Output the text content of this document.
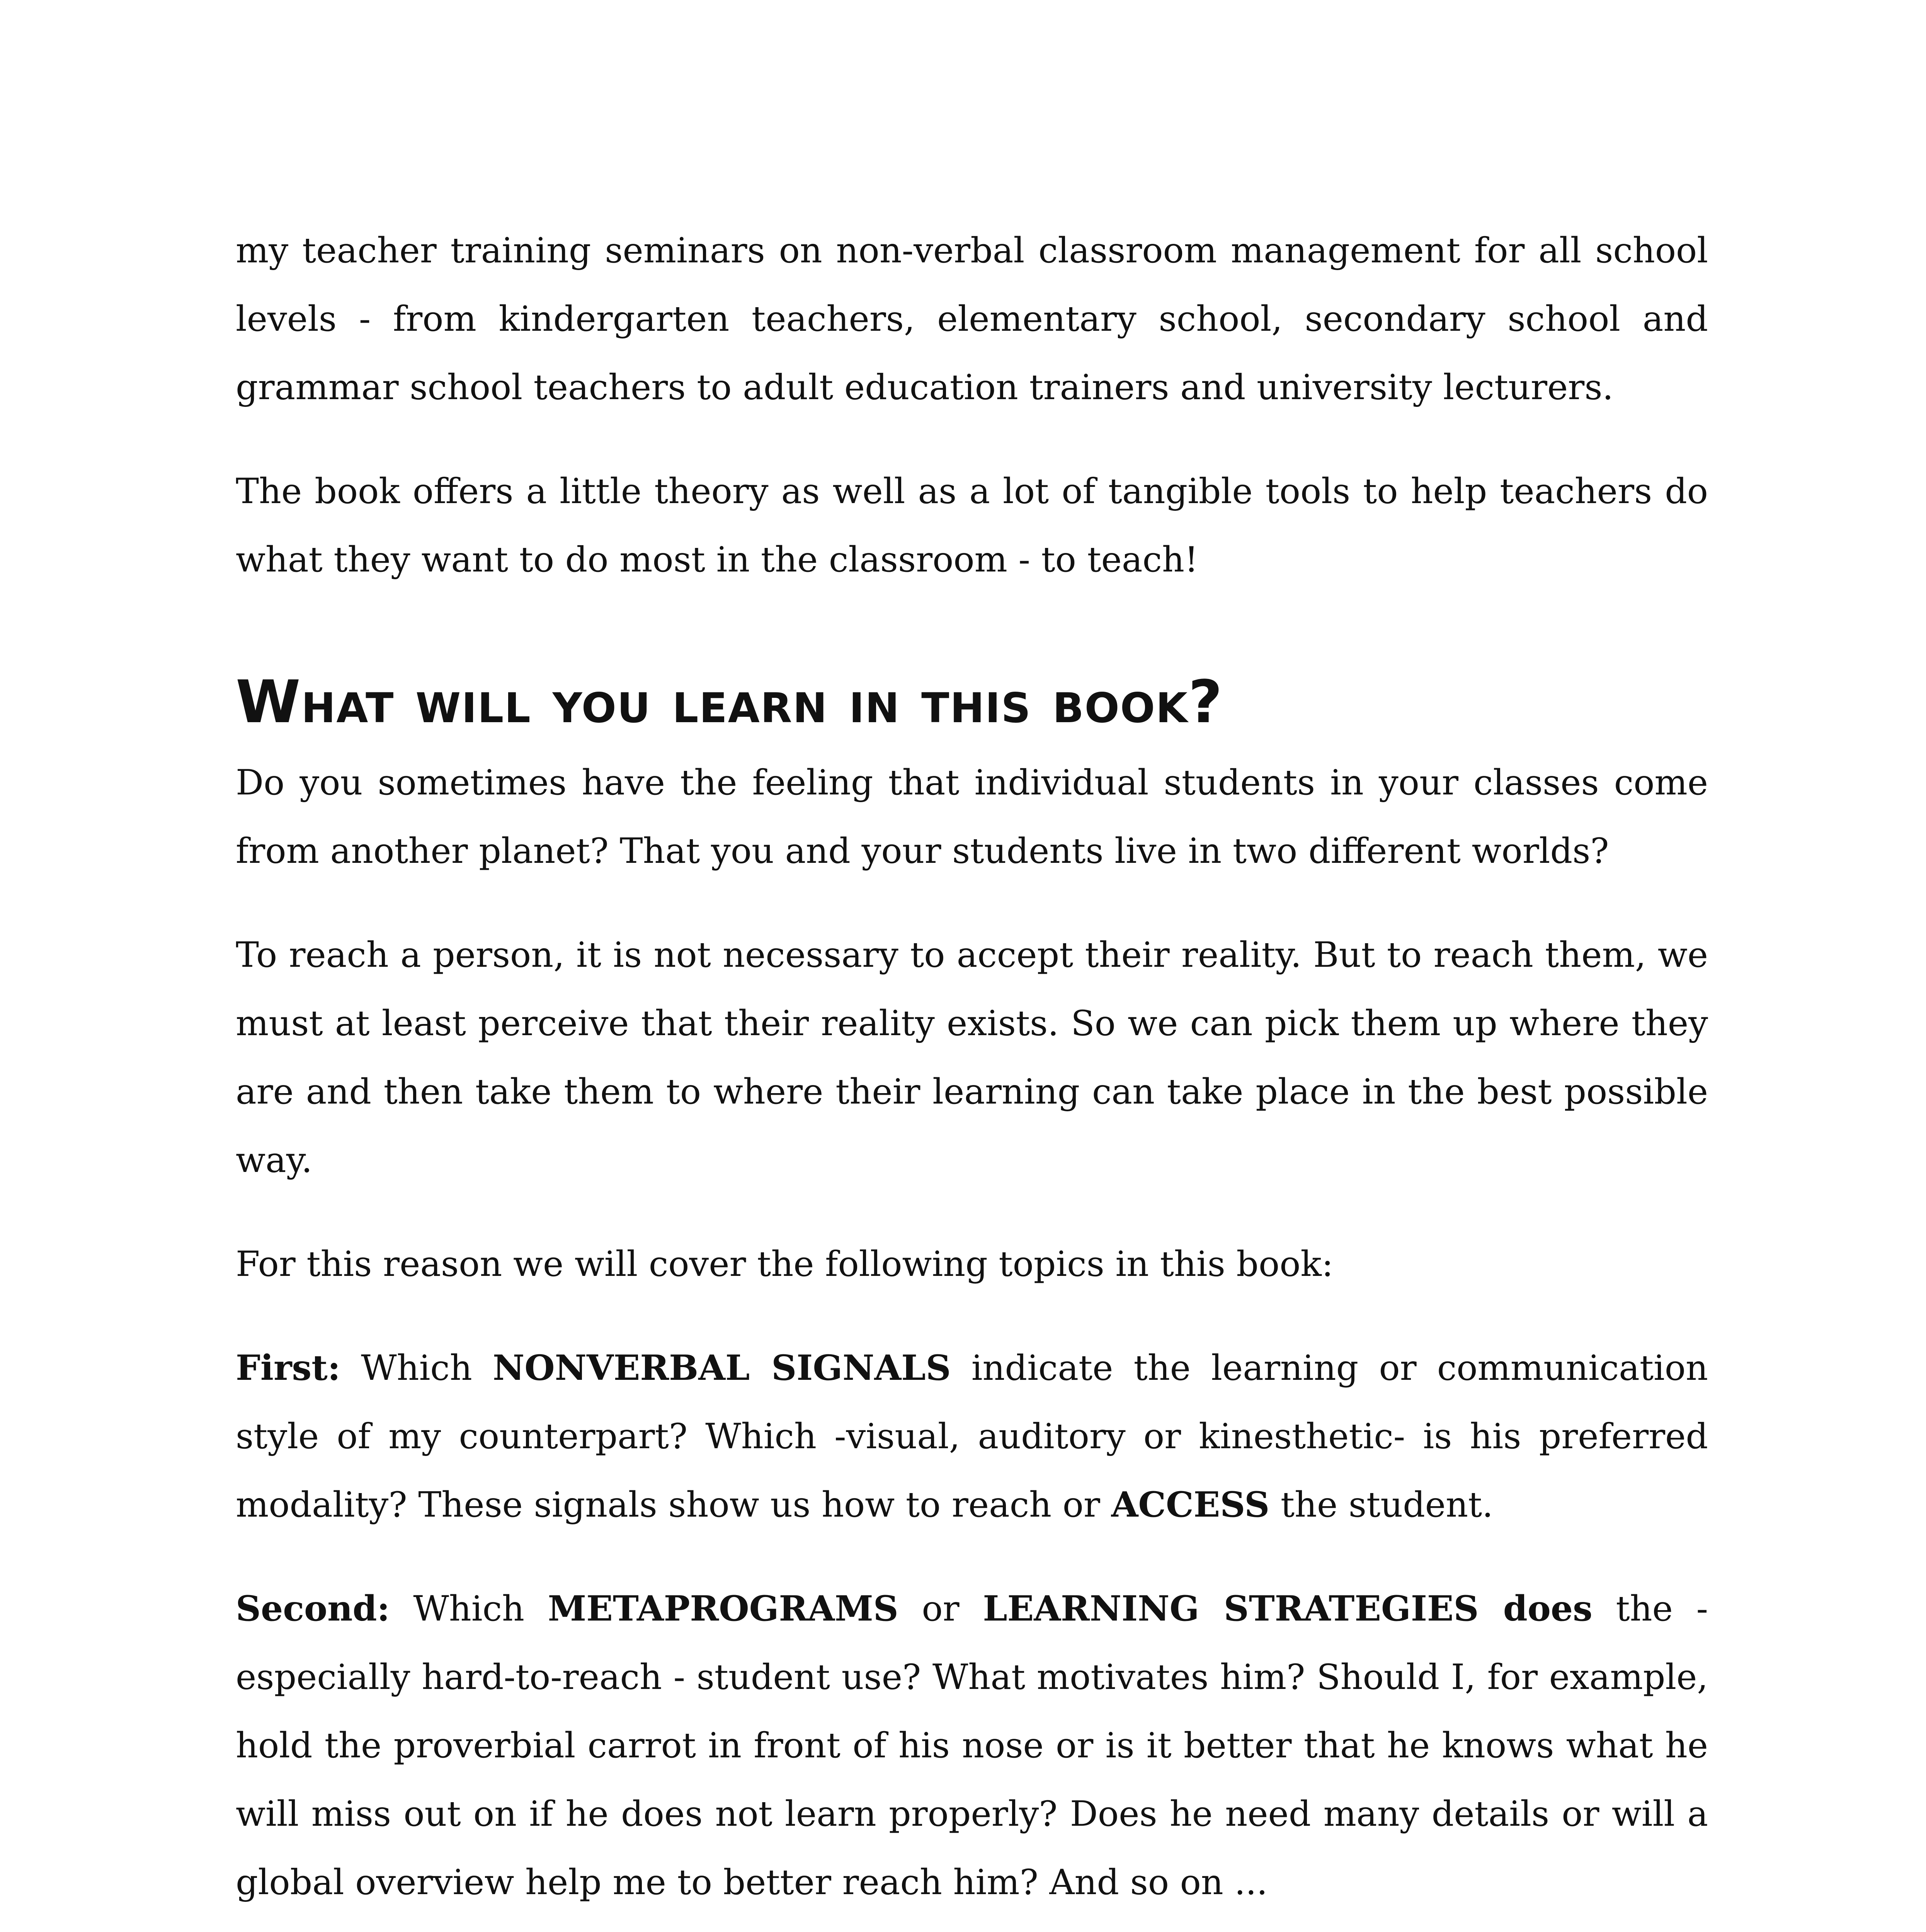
my teacher training seminars on non-verbal classroom management for all school levels - from kindergarten teachers, elementary school, secondary school and grammar school teachers to adult education trainers and university lecturers.

The book offers a little theory as well as a lot of tangible tools to help teachers do what they want to do most in the classroom - to teach!

What will you learn in this book?

Do you sometimes have the feeling that individual students in your classes come from another planet? That you and your students live in two different worlds?

To reach a person, it is not necessary to accept their reality. But to reach them, we must at least perceive that their reality exists. So we can pick them up where they are and then take them to where their learning can take place in the best possible way.

For this reason we will cover the following topics in this book:

First: Which NONVERBAL SIGNALS indicate the learning or communication style of my counterpart? Which -visual, auditory or kinesthetic- is his preferred modality? These signals show us how to reach or ACCESS the student.

Second: Which METAPROGRAMS or LEARNING STRATEGIES does the - especially hard-to-reach - student use? What motivates him? Should I, for example, hold the proverbial carrot in front of his nose or is it better that he knows what he will miss out on if he does not learn properly? Does he need many details or will a global overview help me to better reach him? And so on ...
